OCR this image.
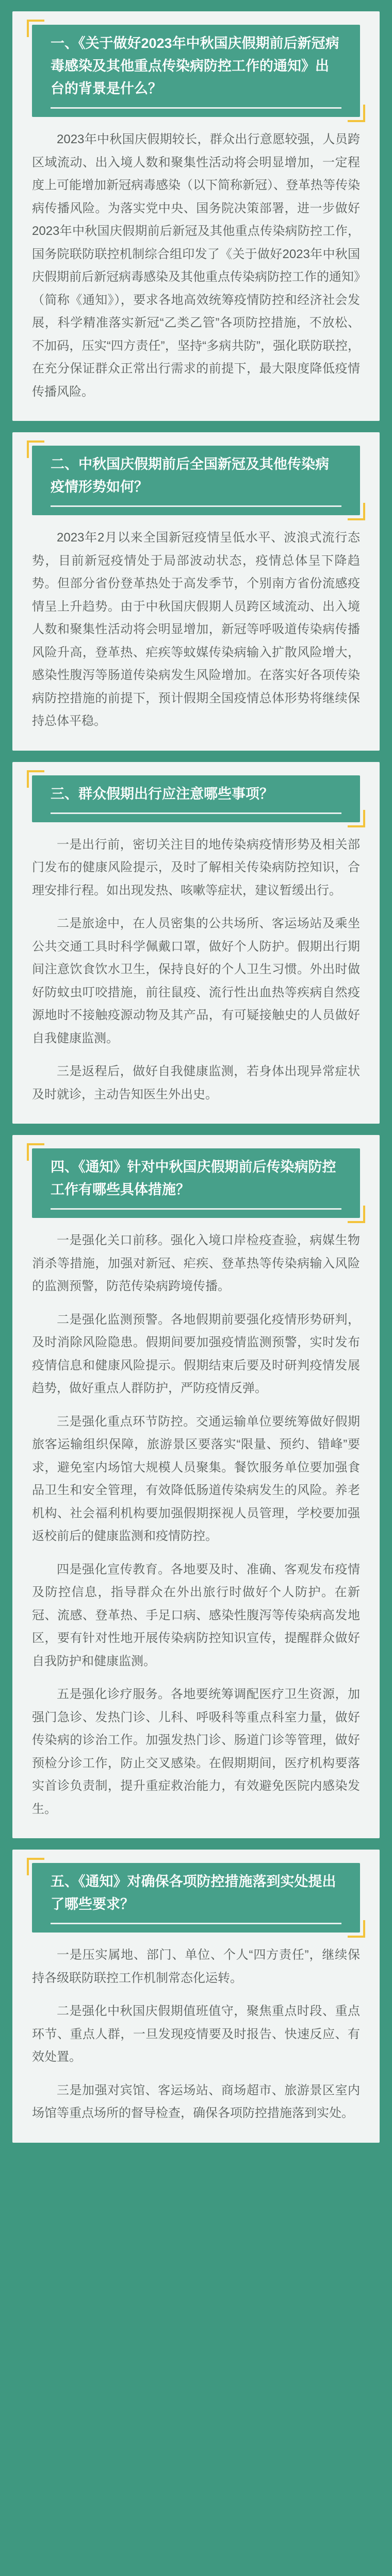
一、《关于做好2023年中秋国庆假期前后新冠病毒感染及其他重点传染病防控工作的通知》出台的背景是什么？

2023年中秋国庆假期较长，群众出行意愿较强，人员跨区域流动、出入境人数和聚集性活动将会明显增加，一定程度上可能增加新冠病毒感染（以下简称新冠）、登革热等传染病传播风险。为落实党中央、国务院决策部署，进一步做好2023年中秋国庆假期前后新冠及其他重点传染病防控工作，国务院联防联控机制综合组印发了《关于做好2023年中秋国庆假期前后新冠病毒感染及其他重点传染病防控工作的通知》（简称《通知》），要求各地高效统筹疫情防控和经济社会发展，科学精准落实新冠“乙类乙管”各项防控措施，不放松、不加码，压实“四方责任”，坚持“多病共防”，强化联防联控，在充分保证群众正常出行需求的前提下，最大限度降低疫情传播风险。

二、中秋国庆假期前后全国新冠及其他传染病疫情形势如何？

2023年2月以来全国新冠疫情呈低水平、波浪式流行态势，目前新冠疫情处于局部波动状态，疫情总体呈下降趋势。但部分省份登革热处于高发季节，个别南方省份流感疫情呈上升趋势。由于中秋国庆假期人员跨区域流动、出入境人数和聚集性活动将会明显增加，新冠等呼吸道传染病传播风险升高，登革热、疟疾等蚊媒传染病输入扩散风险增大，感染性腹泻等肠道传染病发生风险增加。在落实好各项传染病防控措施的前提下，预计假期全国疫情总体形势将继续保持总体平稳。

三、群众假期出行应注意哪些事项？

一是出行前，密切关注目的地传染病疫情形势及相关部门发布的健康风险提示，及时了解相关传染病防控知识，合理安排行程。如出现发热、咳嗽等症状，建议暂缓出行。

二是旅途中，在人员密集的公共场所、客运场站及乘坐公共交通工具时科学佩戴口罩，做好个人防护。假期出行期间注意饮食饮水卫生，保持良好的个人卫生习惯。外出时做好防蚊虫叮咬措施，前往鼠疫、流行性出血热等疾病自然疫源地时不接触疫源动物及其产品，有可疑接触史的人员做好自我健康监测。

三是返程后，做好自我健康监测，若身体出现异常症状及时就诊，主动告知医生外出史。

四、《通知》针对中秋国庆假期前后传染病防控工作有哪些具体措施？

一是强化关口前移。强化入境口岸检疫查验，病媒生物消杀等措施，加强对新冠、疟疾、登革热等传染病输入风险的监测预警，防范传染病跨境传播。

二是强化监测预警。各地假期前要强化疫情形势研判，及时消除风险隐患。假期间要加强疫情监测预警，实时发布疫情信息和健康风险提示。假期结束后要及时研判疫情发展趋势，做好重点人群防护，严防疫情反弹。

三是强化重点环节防控。交通运输单位要统筹做好假期旅客运输组织保障，旅游景区要落实“限量、预约、错峰”要求，避免室内场馆大规模人员聚集。餐饮服务单位要加强食品卫生和安全管理，有效降低肠道传染病发生的风险。养老机构、社会福利机构要加强假期探视人员管理，学校要加强返校前后的健康监测和疫情防控。

四是强化宣传教育。各地要及时、准确、客观发布疫情及防控信息，指导群众在外出旅行时做好个人防护。在新冠、流感、登革热、手足口病、感染性腹泻等传染病高发地区，要有针对性地开展传染病防控知识宣传，提醒群众做好自我防护和健康监测。

五是强化诊疗服务。各地要统筹调配医疗卫生资源，加强门急诊、发热门诊、儿科、呼吸科等重点科室力量，做好传染病的诊治工作。加强发热门诊、肠道门诊等管理，做好预检分诊工作，防止交叉感染。在假期期间，医疗机构要落实首诊负责制，提升重症救治能力，有效避免医院内感染发生。

五、《通知》对确保各项防控措施落到实处提出了哪些要求？

一是压实属地、部门、单位、个人“四方责任”，继续保持各级联防联控工作机制常态化运转。

二是强化中秋国庆假期值班值守，聚焦重点时段、重点环节、重点人群，一旦发现疫情要及时报告、快速反应、有效处置。

三是加强对宾馆、客运场站、商场超市、旅游景区室内场馆等重点场所的督导检查，确保各项防控措施落到实处。
